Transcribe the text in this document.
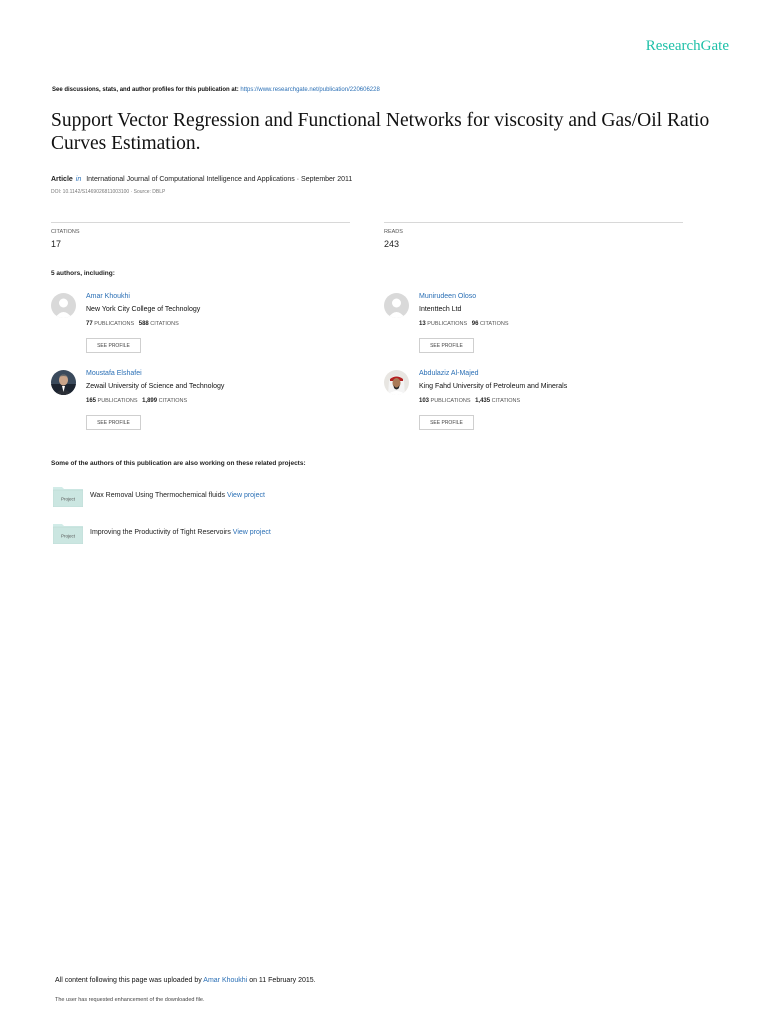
ResearchGate
See discussions, stats, and author profiles for this publication at: https://www.researchgate.net/publication/220606228
Support Vector Regression and Functional Networks for viscosity and Gas/Oil Ratio Curves Estimation.
Article in International Journal of Computational Intelligence and Applications · September 2011
DOI: 10.1142/S1469026811003100 · Source: DBLP
CITATIONS
17
READS
243
5 authors, including:
Amar Khoukhi
New York City College of Technology
77 PUBLICATIONS 588 CITATIONS
SEE PROFILE
Munirudeen Oloso
Intenttech Ltd
13 PUBLICATIONS 96 CITATIONS
SEE PROFILE
Moustafa Elshafei
Zewail University of Science and Technology
165 PUBLICATIONS 1,899 CITATIONS
SEE PROFILE
Abdulaziz Al-Majed
King Fahd University of Petroleum and Minerals
103 PUBLICATIONS 1,435 CITATIONS
SEE PROFILE
Some of the authors of this publication are also working on these related projects:
Project Wax Removal Using Thermochemical fluids View project
Project Improving the Productivity of Tight Reservoirs View project
All content following this page was uploaded by Amar Khoukhi on 11 February 2015.
The user has requested enhancement of the downloaded file.
